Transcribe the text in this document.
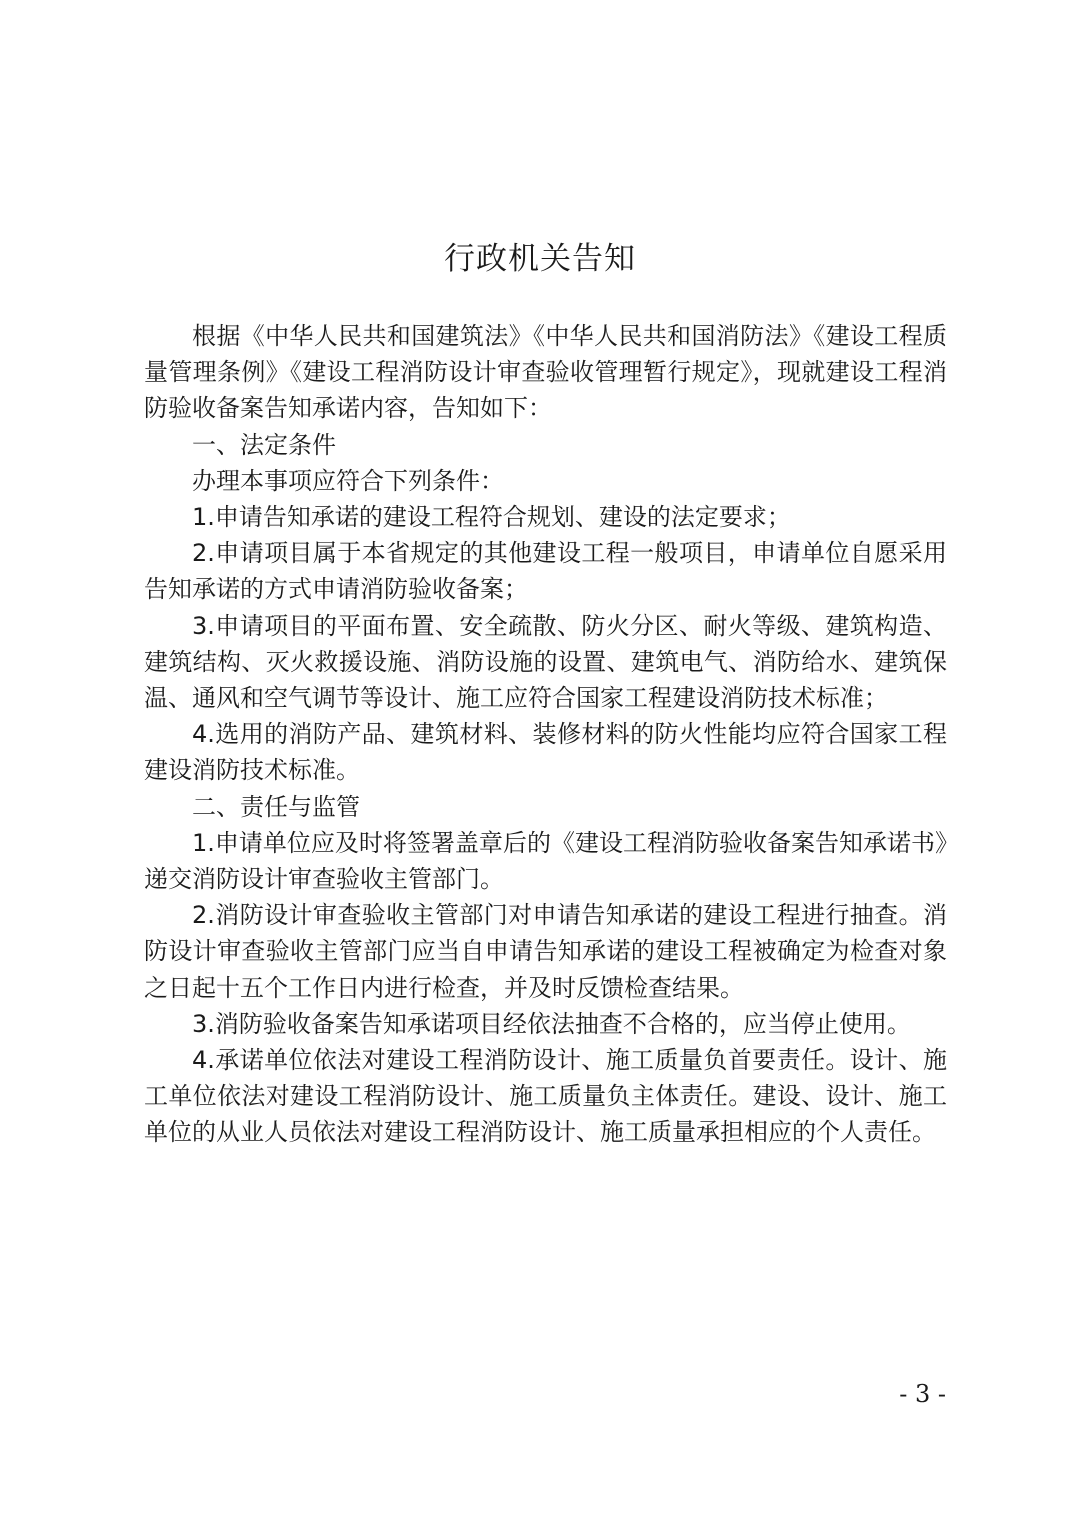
行政机关告知

根据《中华人民共和国建筑法》《中华人民共和国消防法》《建设工程质量管理条例》《建设工程消防设计审查验收管理暂行规定》，现就建设工程消防验收备案告知承诺内容，告知如下：

一、法定条件

办理本事项应符合下列条件：

1.申请告知承诺的建设工程符合规划、建设的法定要求；

2.申请项目属于本省规定的其他建设工程一般项目，申请单位自愿采用告知承诺的方式申请消防验收备案；

3.申请项目的平面布置、安全疏散、防火分区、耐火等级、建筑构造、建筑结构、灭火救援设施、消防设施的设置、建筑电气、消防给水、建筑保温、通风和空气调节等设计、施工应符合国家工程建设消防技术标准；

4.选用的消防产品、建筑材料、装修材料的防火性能均应符合国家工程建设消防技术标准。

二、责任与监管

1.申请单位应及时将签署盖章后的《建设工程消防验收备案告知承诺书》递交消防设计审查验收主管部门。

2.消防设计审查验收主管部门对申请告知承诺的建设工程进行抽查。消防设计审查验收主管部门应当自申请告知承诺的建设工程被确定为检查对象之日起十五个工作日内进行检查，并及时反馈检查结果。

3.消防验收备案告知承诺项目经依法抽查不合格的，应当停止使用。

4.承诺单位依法对建设工程消防设计、施工质量负首要责任。设计、施工单位依法对建设工程消防设计、施工质量负主体责任。建设、设计、施工单位的从业人员依法对建设工程消防设计、施工质量承担相应的个人责任。

- 3 -
